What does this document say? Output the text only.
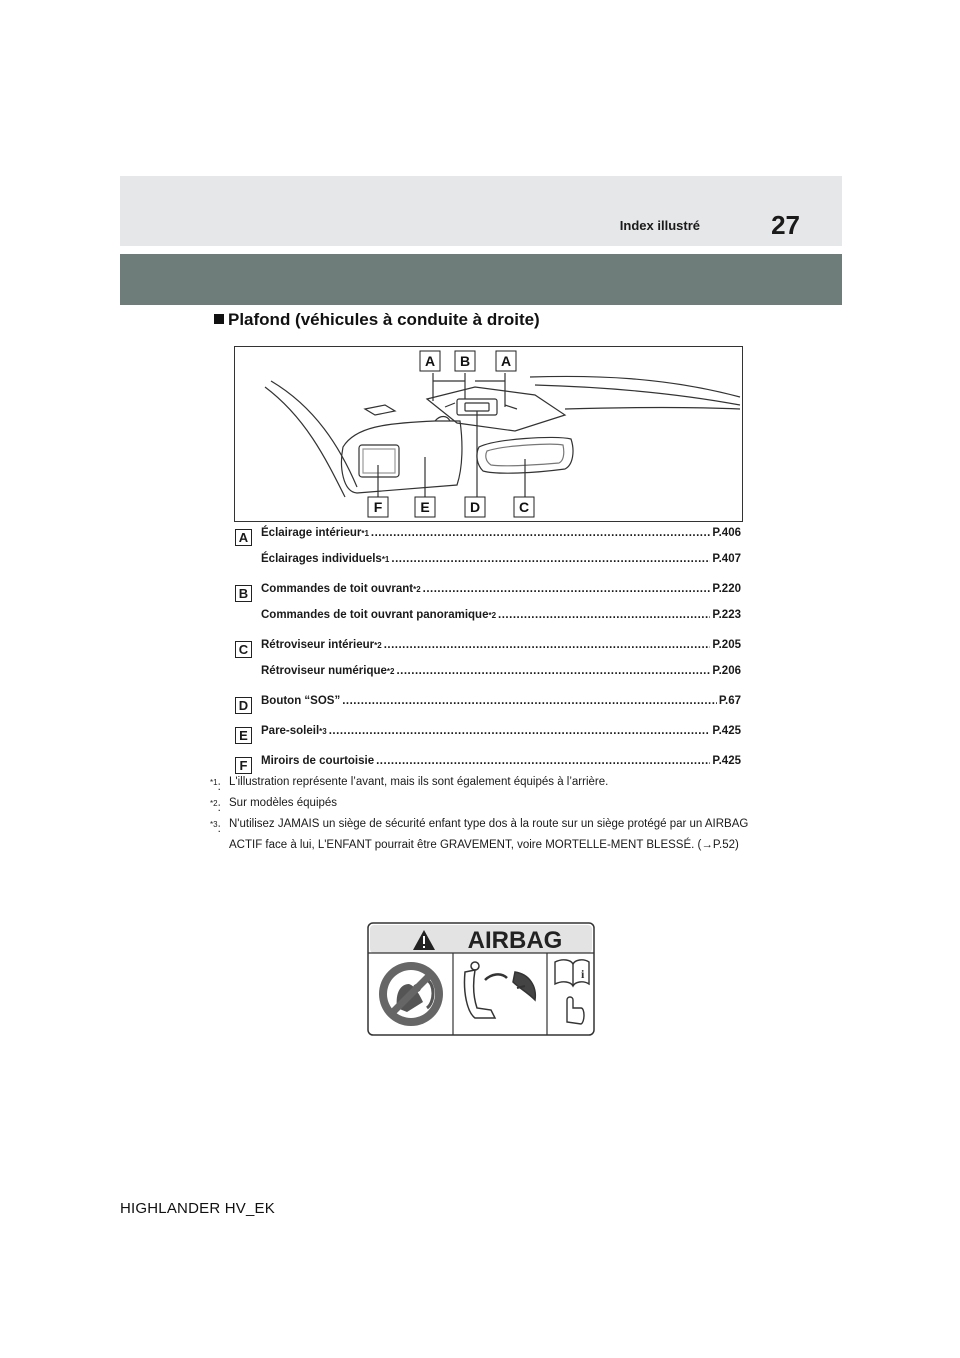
Index illustré	27
Plafond (véhicules à conduite à droite)
A B A
F	E	D	C
A	Éclairage intérieur$^{*1}$ .....	P.406
Éclairages individuels$^{*1}$ .....	P.407
B	Commandes de toit ouvrant$^{*2}$ .....	P.220
Commandes de toit ouvrant panoramique$^{*2}$ .....	P.223
C	Rétroviseur intérieur$^{*2}$ .....	P.205
Rétroviseur numérique$^{*2}$ .....	P.206
D	Bouton “SOS” .....	P.67
E	Pare-soleil$^{*3}$ .....	P.425
F	Miroirs de courtoisie .....	P.425
$^{*1}$: L'illustration représente l’avant, mais ils sont également équipés à l’arrière.
$^{*2}$: Sur modèles équipés
$^{*3}$: N'utilisez JAMAIS un siège de sécurité enfant type dos à la route sur un siège protégé par un AIRBAG ACTIF face à lui, L'ENFANT pourrait être GRAVEMENT, voire MORTELLE-MENT BLESSÉ. (→P.52)
AIRBAG
i
HIGHLANDER HV_EK
